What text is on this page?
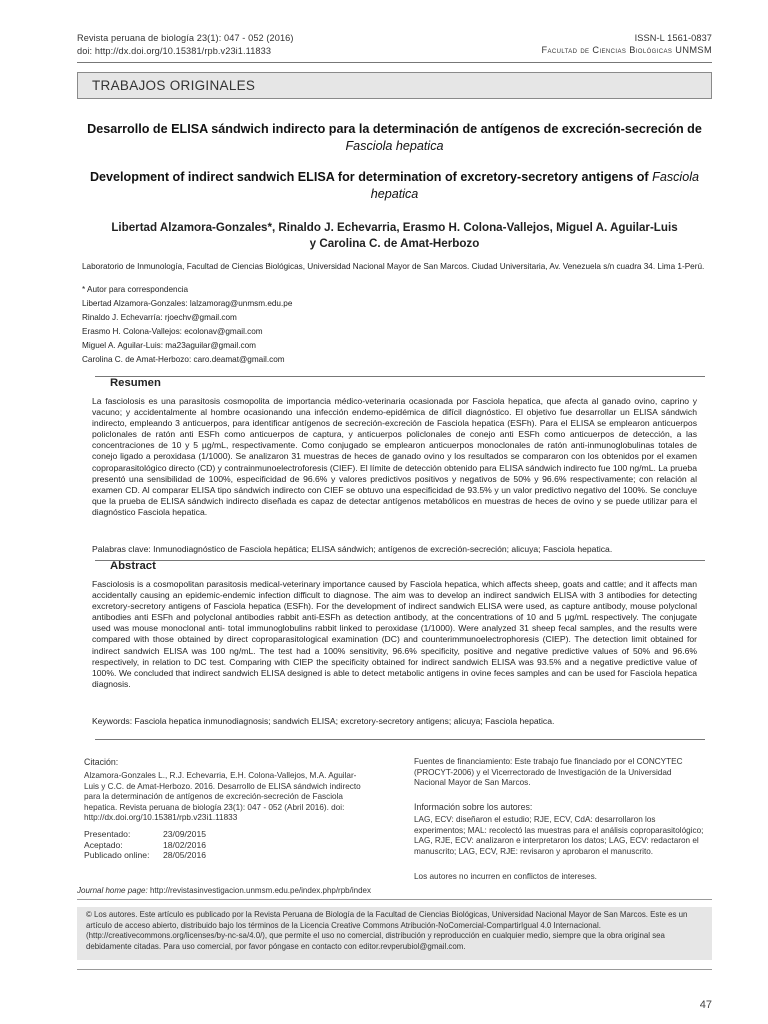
Revista peruana de biología 23(1): 047 - 052 (2016)
doi: http://dx.doi.org/10.15381/rpb.v23i1.11833
ISSN-L 1561-0837
Facultad de Ciencias Biológicas UNMSM
TRABAJOS ORIGINALES
Desarrollo de ELISA sándwich indirecto para la determinación de antígenos de excreción-secreción de Fasciola hepatica
Development of indirect sandwich ELISA for determination of excretory-secretory antigens of Fasciola hepatica
Libertad Alzamora-Gonzales*, Rinaldo J. Echevarria, Erasmo H. Colona-Vallejos, Miguel A. Aguilar-Luis
y Carolina C. de Amat-Herbozo
Laboratorio de Inmunología, Facultad de Ciencias Biológicas, Universidad Nacional Mayor de San Marcos. Ciudad Universitaria, Av. Venezuela s/n cuadra 34. Lima 1-Perú.
* Autor para correspondencia
Libertad Alzamora-Gonzales: lalzamorag@unmsm.edu.pe
Rinaldo J. Echevarría: rjoechv@gmail.com
Erasmo H. Colona-Vallejos: ecolonav@gmail.com
Miguel A. Aguilar-Luis: ma23aguilar@gmail.com
Carolina C. de Amat-Herbozo: caro.deamat@gmail.com
Resumen

La fasciolosis es una parasitosis cosmopolita de importancia médico-veterinaria ocasionada por Fasciola hepatica, que afecta al ganado ovino, caprino y vacuno; y accidentalmente al hombre ocasionando una infección endemo-epidémica de difícil diagnóstico. El objetivo fue desarrollar un ELISA sándwich indirecto, empleando 3 anticuerpos, para identificar antígenos de secreción-excreción de Fasciola hepatica (ESFh). Para el ELISA se emplearon anticuerpos policlonales de ratón anti ESFh como anticuerpos de captura, y anticuerpos policlonales de conejo anti ESFh como anticuerpos de detección, a las concentraciones de 10 y 5 µg/mL, respectivamente. Como conjugado se emplearon anticuerpos monoclonales de ratón anti-inmunoglobulinas totales de conejo ligado a peroxidasa (1/1000). Se analizaron 31 muestras de heces de ganado ovino y los resultados se compararon con los obtenidos por el examen coproparasitológico directo (CD) y contrainmunoelectroforesis (CIEF). El límite de detección obtenido para ELISA sándwich indirecto fue 100 ng/mL. La prueba presentó una sensibilidad de 100%, especificidad de 96.6% y valores predictivos positivos y negativos de 50% y 96.6% respectivamente; con relación al examen CD. Al comparar ELISA tipo sándwich indirecto con CIEF se obtuvo una especificidad de 93.5% y un valor predictivo negativo del 100%. Se concluye que la prueba de ELISA sándwich indirecto diseñada es capaz de detectar antígenos metabólicos en muestras de heces de ovino y se puede utilizar para el diagnóstico Fasciola hepatica.

Palabras clave: Inmunodiagnóstico de Fasciola hepática; ELISA sándwich; antígenos de excreción-secreción; alicuya; Fasciola hepatica.
Abstract

Fasciolosis is a cosmopolitan parasitosis medical-veterinary importance caused by Fasciola hepatica, which affects sheep, goats and cattle; and it affects man accidentally causing an epidemic-endemic infection difficult to diagnose. The aim was to develop an indirect sandwich ELISA with 3 antibodies for detecting excretory-secretory antigens of Fasciola hepatica (ESFh). For the development of indirect sandwich ELISA were used, as capture antibody, mouse polyclonal antibodies anti ESFh and polyclonal antibodies rabbit anti-ESFh as detection antibody, at the concentrations of 10 and 5 µg/mL respectively. The conjugate used was mouse monoclonal anti- total immunoglobulins rabbit linked to peroxidase (1/1000). Were analyzed 31 sheep fecal samples, and the results were compared with those obtained by direct coproparasitological examination (DC) and counterimmunoelectrophoresis (CIEP). The detection limit obtained for indirect sandwich ELISA was 100 ng/mL. The test had a 100% sensitivity, 96.6% specificity, positive and negative predictive values of 50% and 96.6% respectively, in relation to DC test. Comparing with CIEP the specificity obtained for indirect sandwich ELISA was 93.5% and a negative predictive value of 100%. We concluded that indirect sandwich ELISA designed is able to detect metabolic antigens in ovine feces samples and can be used for Fasciola hepatica diagnosis.

Keywords: Fasciola hepatica inmunodiagnosis; sandwich ELISA; excretory-secretory antigens; alicuya; Fasciola hepatica.
Citación:
Alzamora-Gonzales L., R.J. Echevarria, E.H. Colona-Vallejos, M.A. Aguilar-Luis y C.C. de Amat-Herbozo. 2016. Desarrollo de ELISA sándwich indirecto para la determinación de antígenos de excreción-secreción de Fasciola hepatica. Revista peruana de biología 23(1): 047 - 052 (Abril 2016). doi: http://dx.doi.org/10.15381/rpb.v23i1.11833
Presentado:	23/09/2015
Aceptado:	18/02/2016
Publicado online:	28/05/2016
Fuentes de financiamiento: Este trabajo fue financiado por el CONCYTEC (PROCYT-2006) y el Vicerrectorado de Investigación de la Universidad Nacional Mayor de San Marcos.
Información sobre los autores:
LAG, ECV: diseñaron el estudio; RJE, ECV, CdA: desarrollaron los experimentos; MAL: recolectó las muestras para el análisis coproparasitológico; LAG, RJE, ECV: analizaron e interpretaron los datos; LAG, ECV: redactaron el manuscrito; LAG, ECV, RJE: revisaron y aprobaron el manuscrito.
Los autores no incurren en conflictos de intereses.
Journal home page: http://revistasinvestigacion.unmsm.edu.pe/index.php/rpb/index
© Los autores. Este artículo es publicado por la Revista Peruana de Biología de la Facultad de Ciencias Biológicas, Universidad Nacional Mayor de San Marcos. Este es un artículo de acceso abierto, distribuido bajo los términos de la Licencia Creative Commons Atribución-NoComercial-CompartirIgual 4.0 Internacional.(http://creativecommons.org/licenses/by-nc-sa/4.0/), que permite el uso no comercial, distribución y reproducción en cualquier medio, siempre que la obra original sea debidamente citadas. Para uso comercial, por favor póngase en contacto con editor.revperubiol@gmail.com.
47
